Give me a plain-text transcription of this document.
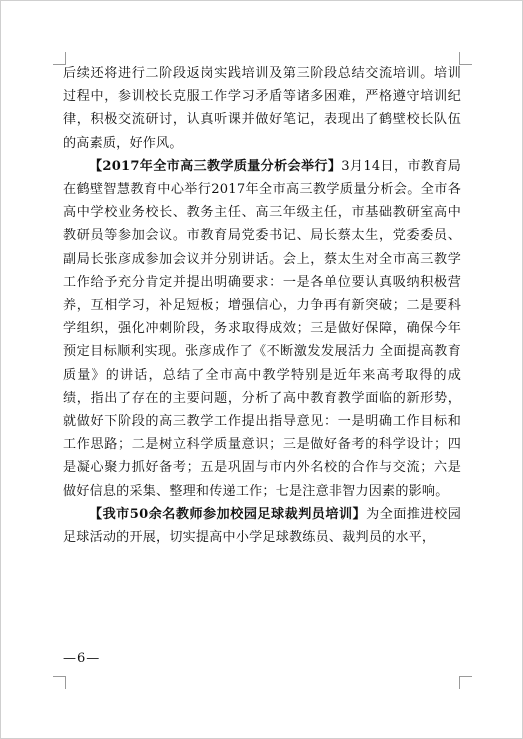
后续还将进行二阶段返岗实践培训及第三阶段总结交流培训。培训过程中，参训校长克服工作学习矛盾等诸多困难，严格遵守培训纪律，积极交流研讨，认真听课并做好笔记，表现出了鹤壁校长队伍的高素质，好作风。

【2017年全市高三教学质量分析会举行】3月14日，市教育局在鹤壁智慧教育中心举行2017年全市高三教学质量分析会。全市各高中学校业务校长、教务主任、高三年级主任，市基础教研室高中教研员等参加会议。市教育局党委书记、局长蔡太生，党委委员、副局长张彦成参加会议并分别讲话。会上，蔡太生对全市高三教学工作给予充分肯定并提出明确要求：一是各单位要认真吸纳积极营养，互相学习，补足短板；增强信心，力争再有新突破；二是要科学组织，强化冲刺阶段，务求取得成效；三是做好保障，确保今年预定目标顺利实现。张彦成作了《不断激发发展活力 全面提高教育质量》的讲话，总结了全市高中教学特别是近年来高考取得的成绩，指出了存在的主要问题，分析了高中教育教学面临的新形势，就做好下阶段的高三教学工作提出指导意见：一是明确工作目标和工作思路；二是树立科学质量意识；三是做好备考的科学设计；四是凝心聚力抓好备考；五是巩固与市内外名校的合作与交流；六是做好信息的采集、整理和传递工作；七是注意非智力因素的影响。

【我市50余名教师参加校园足球裁判员培训】为全面推进校园足球活动的开展，切实提高中小学足球教练员、裁判员的水平，

—6—
